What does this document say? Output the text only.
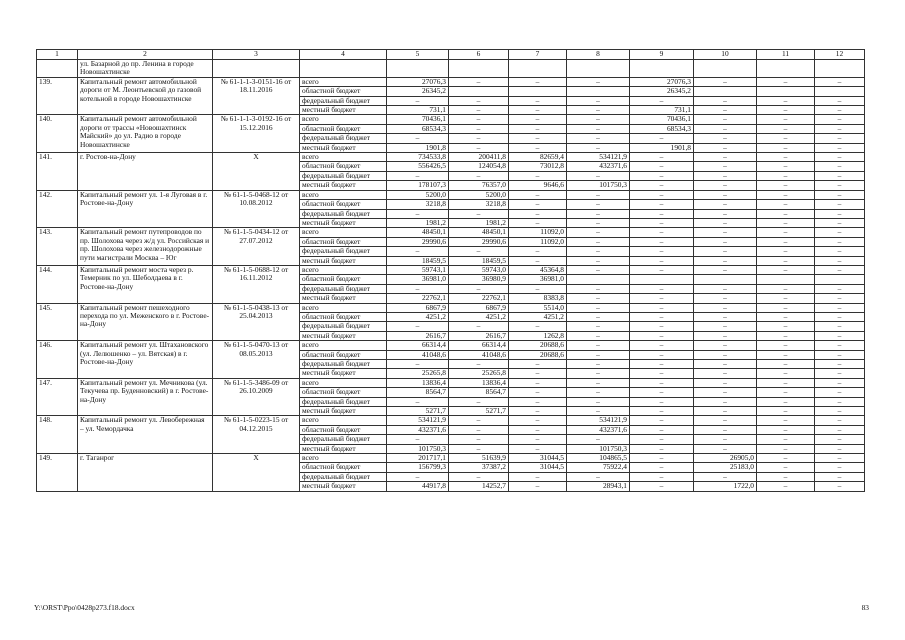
1	2	3	4	5	6	7	8	9	10	11	12
	ул. Базарной до пр. Ленина в городе Новошахтинске										
139.	Капитальный ремонт автомобильной дороги от М. Леонтьевской до газовой котельной в городе Новошахтинске	№ 61-1-1-3-0151-16 от 18.11.2016	всего	27076,3	–	–	–	27076,3	–	–	–
			областной бюджет	26345,2				26345,2			
			федеральный бюджет	–	–	–	–	–	–	–	–
			местный бюджет	731,1	–	–	–	731,1	–	–	–
140.	Капитальный ремонт автомобильной дороги от трассы «Новошахтинск Майский» до ул. Радио в городе Новошахтинске	№ 61-1-1-3-0192-16 от 15.12.2016	всего	70436,1	–	–	–	70436,1	–	–	–
			областной бюджет	68534,3	–	–	–	68534,3	–	–	–
			федеральный бюджет	–	–	–	–	–	–	–	–
			местный бюджет	1901,8	–	–	–	1901,8	–	–	–
141.	г. Ростов-на-Дону	Х	всего	734533,8	200411,8	82659,4	534121,9	–	–	–	–
			областной бюджет	556426,5	124054,8	73012,8	432371,6	–	–	–	–
			федеральный бюджет	–	–	–	–	–	–	–	–
			местный бюджет	178107,3	76357,0	9646,6	101750,3	–	–	–	–
142.	Капитальный ремонт ул. 1-я Луговая в г. Ростове-на-Дону	№ 61-1-5-0468-12 от 10.08.2012	всего	5200,0	5200,0	–	–	–	–	–	–
			областной бюджет	3218,8	3218,8	–	–	–	–	–	–
			федеральный бюджет	–	–	–	–	–	–	–	–
			местный бюджет	1981,2	1981,2	–	–	–	–	–	–
143.	Капитальный ремонт путепроводов по пр. Шолохова через ж/д ул. Российская и пр. Шолохова через железнодорожные пути магистрали Москва – Юг	№ 61-1-5-0434-12 от 27.07.2012	всего	48450,1	48450,1	11092,0	–	–	–	–	–
			областной бюджет	29990,6	29990,6	11092,0	–	–	–	–	–
			федеральный бюджет	–	–	–	–	–	–	–	–
			местный бюджет	18459,5	18459,5	–	–	–	–	–	–
144.	Капитальный ремонт моста через р. Темерник по ул. Шеболдаева в г. Ростове-на-Дону	№ 61-1-5-0688-12 от 16.11.2012	всего	59743,1	59743,0	45364,8	–	–	–	–	–
			областной бюджет	36981,0	36980,9	36981,0					
			федеральный бюджет	–	–	–	–	–	–	–	–
			местный бюджет	22762,1	22762,1	8383,8	–	–	–	–	–
145.	Капитальный ремонт пешеходного перехода по ул. Меженского в г. Ростове-на-Дону	№ 61-1-5-0438-13 от 25.04.2013	всего	6867,9	6867,9	5514,0	–	–	–	–	–
			областной бюджет	4251,2	4251,2	4251,2	–	–	–	–	–
			федеральный бюджет	–	–	–	–	–	–	–	–
			местный бюджет	2616,7	2616,7	1262,8	–	–	–	–	–
146.	Капитальный ремонт ул. Штахановского (ул. Лелюшенко – ул. Вятская) в г. Ростове-на-Дону	№ 61-1-5-0470-13 от 08.05.2013	всего	66314,4	66314,4	20688,6	–	–	–	–	–
			областной бюджет	41048,6	41048,6	20688,6	–	–	–	–	–
			федеральный бюджет	–	–	–	–	–	–	–	–
			местный бюджет	25265,8	25265,8	–	–	–	–	–	–
147.	Капитальный ремонт ул. Мечникова (ул. Текучева пр. Буденновский) в г. Ростове-на-Дону	№ 61-1-5-3486-09 от 26.10.2009	всего	13836,4	13836,4	–	–	–	–	–	–
			областной бюджет	8564,7	8564,7	–	–	–	–	–	–
			федеральный бюджет	–	–	–	–	–	–	–	–
			местный бюджет	5271,7	5271,7	–	–	–	–	–	–
148.	Капитальный ремонт ул. Левобережная – ул. Чемордачка	№ 61-1-5-0223-15 от 04.12.2015	всего	534121,9	–	–	534121,9	–	–	–	–
			областной бюджет	432371,6	–	–	432371,6	–	–	–	–
			федеральный бюджет	–	–	–	–	–	–	–	–
			местный бюджет	101750,3	–	–	101750,3	–	–	–	–
149.	г. Таганрог	Х	всего	201717,1	51639,9	31044,5	104865,5	–	26905,0	–	–
			областной бюджет	156799,3	37387,2	31044,5	75922,4	–	25183,0	–	–
			федеральный бюджет	–	–	–	–	–	–	–	–
			местный бюджет	44917,8	14252,7	–	28943,1	–	1722,0	–	–
Y:\ORST\Ppo\0428p273.f18.docx	83
